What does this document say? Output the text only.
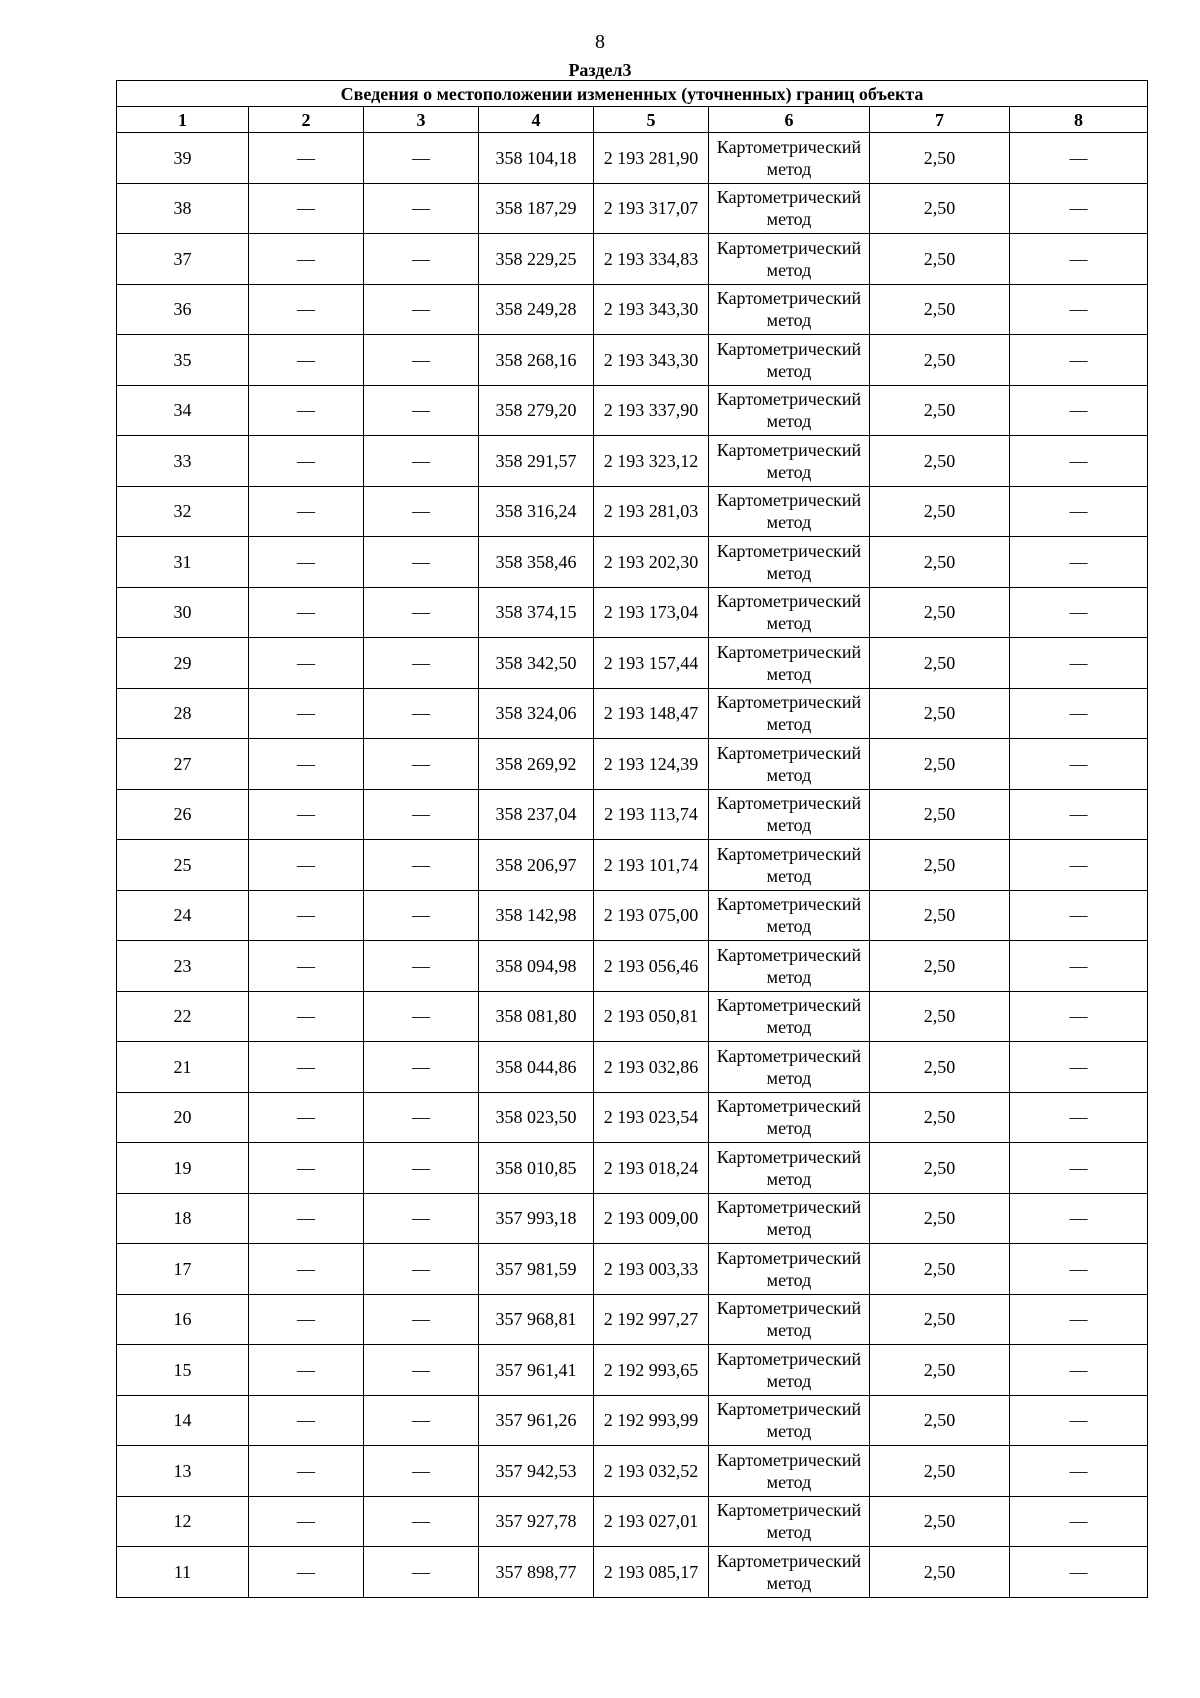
8
Раздел3
Сведения о местоположении измененных (уточненных) границ объекта							
1	2	3	4	5	6	7	8
39	—	—	358 104,18	2 193 281,90	Картометрический метод	2,50	—
38	—	—	358 187,29	2 193 317,07	Картометрический метод	2,50	—
37	—	—	358 229,25	2 193 334,83	Картометрический метод	2,50	—
36	—	—	358 249,28	2 193 343,30	Картометрический метод	2,50	—
35	—	—	358 268,16	2 193 343,30	Картометрический метод	2,50	—
34	—	—	358 279,20	2 193 337,90	Картометрический метод	2,50	—
33	—	—	358 291,57	2 193 323,12	Картометрический метод	2,50	—
32	—	—	358 316,24	2 193 281,03	Картометрический метод	2,50	—
31	—	—	358 358,46	2 193 202,30	Картометрический метод	2,50	—
30	—	—	358 374,15	2 193 173,04	Картометрический метод	2,50	—
29	—	—	358 342,50	2 193 157,44	Картометрический метод	2,50	—
28	—	—	358 324,06	2 193 148,47	Картометрический метод	2,50	—
27	—	—	358 269,92	2 193 124,39	Картометрический метод	2,50	—
26	—	—	358 237,04	2 193 113,74	Картометрический метод	2,50	—
25	—	—	358 206,97	2 193 101,74	Картометрический метод	2,50	—
24	—	—	358 142,98	2 193 075,00	Картометрический метод	2,50	—
23	—	—	358 094,98	2 193 056,46	Картометрический метод	2,50	—
22	—	—	358 081,80	2 193 050,81	Картометрический метод	2,50	—
21	—	—	358 044,86	2 193 032,86	Картометрический метод	2,50	—
20	—	—	358 023,50	2 193 023,54	Картометрический метод	2,50	—
19	—	—	358 010,85	2 193 018,24	Картометрический метод	2,50	—
18	—	—	357 993,18	2 193 009,00	Картометрический метод	2,50	—
17	—	—	357 981,59	2 193 003,33	Картометрический метод	2,50	—
16	—	—	357 968,81	2 192 997,27	Картометрический метод	2,50	—
15	—	—	357 961,41	2 192 993,65	Картометрический метод	2,50	—
14	—	—	357 961,26	2 192 993,99	Картометрический метод	2,50	—
13	—	—	357 942,53	2 193 032,52	Картометрический метод	2,50	—
12	—	—	357 927,78	2 193 027,01	Картометрический метод	2,50	—
11	—	—	357 898,77	2 193 085,17	Картометрический метод	2,50	—
